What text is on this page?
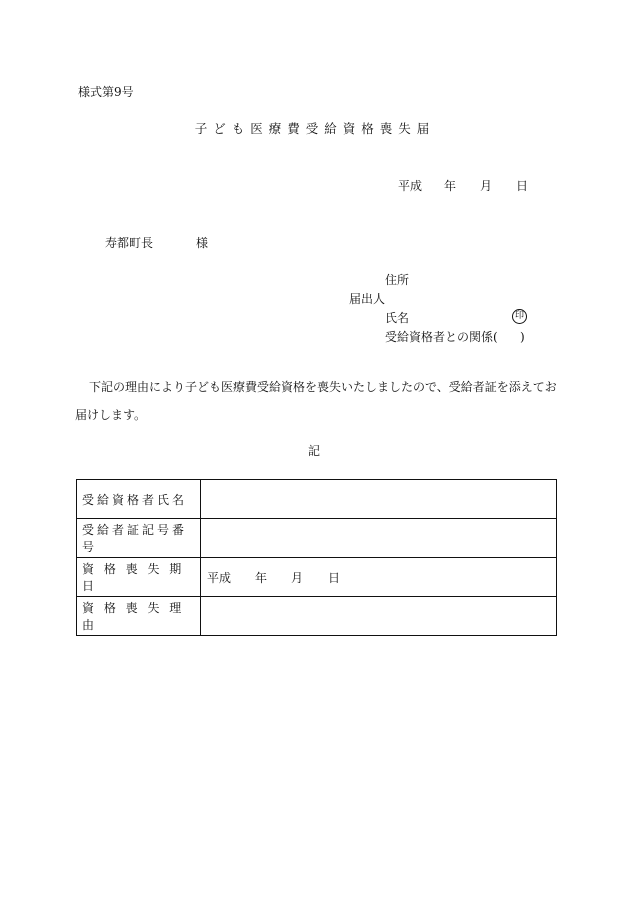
様式第9号
子ども医療費受給資格喪失届
平成 年 月 日
寿都町長	様
住所
届出人
氏名	印
受給資格者との関係( )
下記の理由により子ども医療費受給資格を喪失いたしましたので、受給者証を添えてお
届けします。
記
受給資格者氏名	
受給者証記号番号	
資 格 喪 失 期 日	平成 年 月 日

資 格 喪 失 理 由	
